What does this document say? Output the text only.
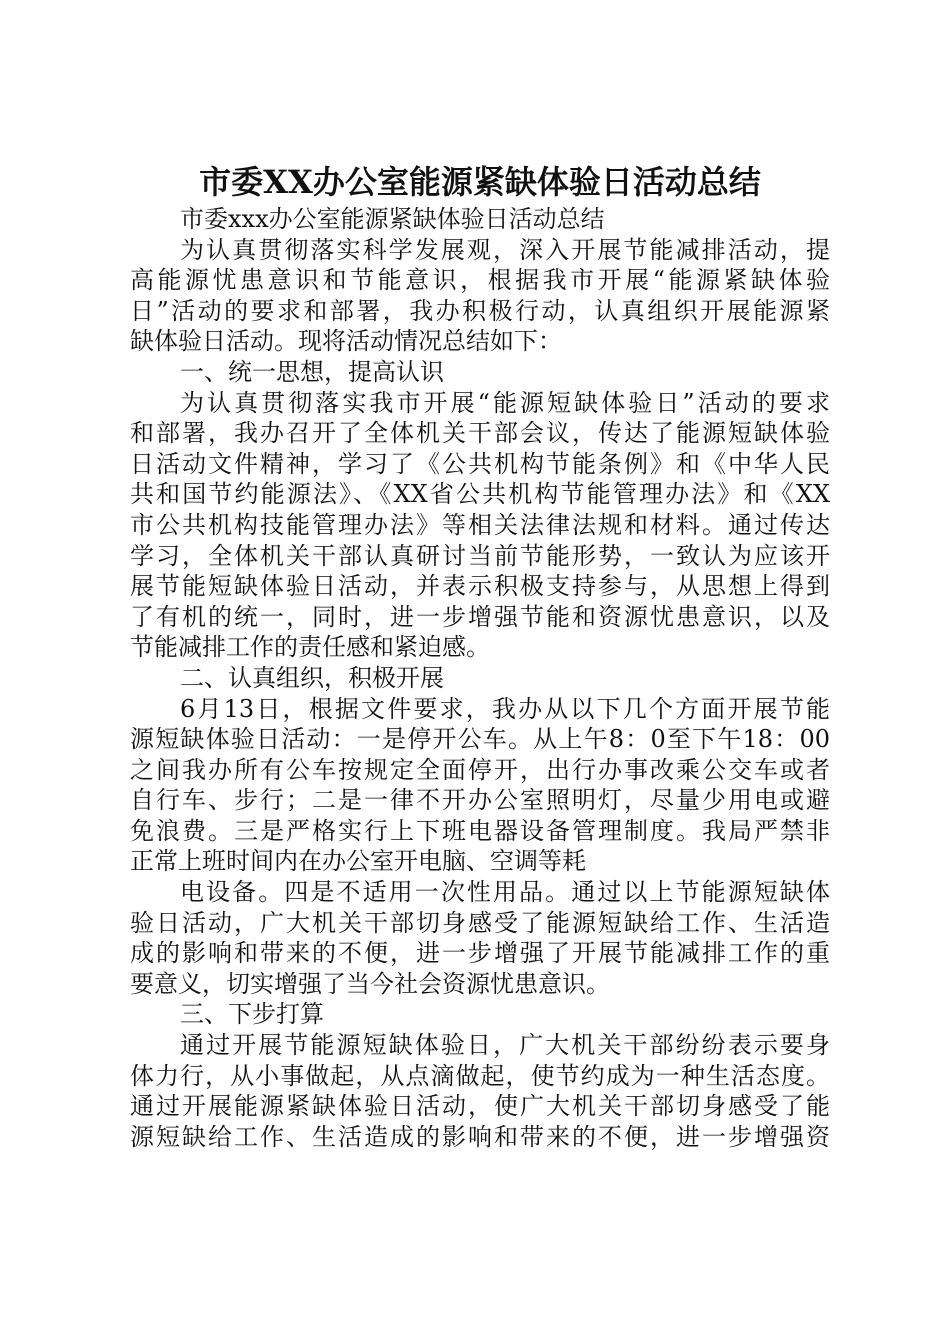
市委XX办公室能源紧缺体验日活动总结
市委xxx办公室能源紧缺体验日活动总结
为认真贯彻落实科学发展观，深入开展节能减排活动，提
高能源忧患意识和节能意识，根据我市开展“能源紧缺体验
日”活动的要求和部署，我办积极行动，认真组织开展能源紧
缺体验日活动。现将活动情况总结如下：
一、统一思想，提高认识
为认真贯彻落实我市开展“能源短缺体验日”活动的要求
和部署，我办召开了全体机关干部会议，传达了能源短缺体验
日活动文件精神，学习了《公共机构节能条例》和《中华人民
共和国节约能源法》、《XX省公共机构节能管理办法》和《XX
市公共机构技能管理办法》等相关法律法规和材料。通过传达
学习，全体机关干部认真研讨当前节能形势，一致认为应该开
展节能短缺体验日活动，并表示积极支持参与，从思想上得到
了有机的统一，同时，进一步增强节能和资源忧患意识，以及
节能减排工作的责任感和紧迫感。
二、认真组织，积极开展
6月13日，根据文件要求，我办从以下几个方面开展节能
源短缺体验日活动：一是停开公车。从上午8：0至下午18：00
之间我办所有公车按规定全面停开，出行办事改乘公交车或者
自行车、步行；二是一律不开办公室照明灯，尽量少用电或避
免浪费。三是严格实行上下班电器设备管理制度。我局严禁非
正常上班时间内在办公室开电脑、空调等耗
电设备。四是不适用一次性用品。通过以上节能源短缺体
验日活动，广大机关干部切身感受了能源短缺给工作、生活造
成的影响和带来的不便，进一步增强了开展节能减排工作的重
要意义，切实增强了当今社会资源忧患意识。
三、下步打算
通过开展节能源短缺体验日，广大机关干部纷纷表示要身
体力行，从小事做起，从点滴做起，使节约成为一种生活态度。
通过开展能源紧缺体验日活动，使广大机关干部切身感受了能
源短缺给工作、生活造成的影响和带来的不便，进一步增强资
